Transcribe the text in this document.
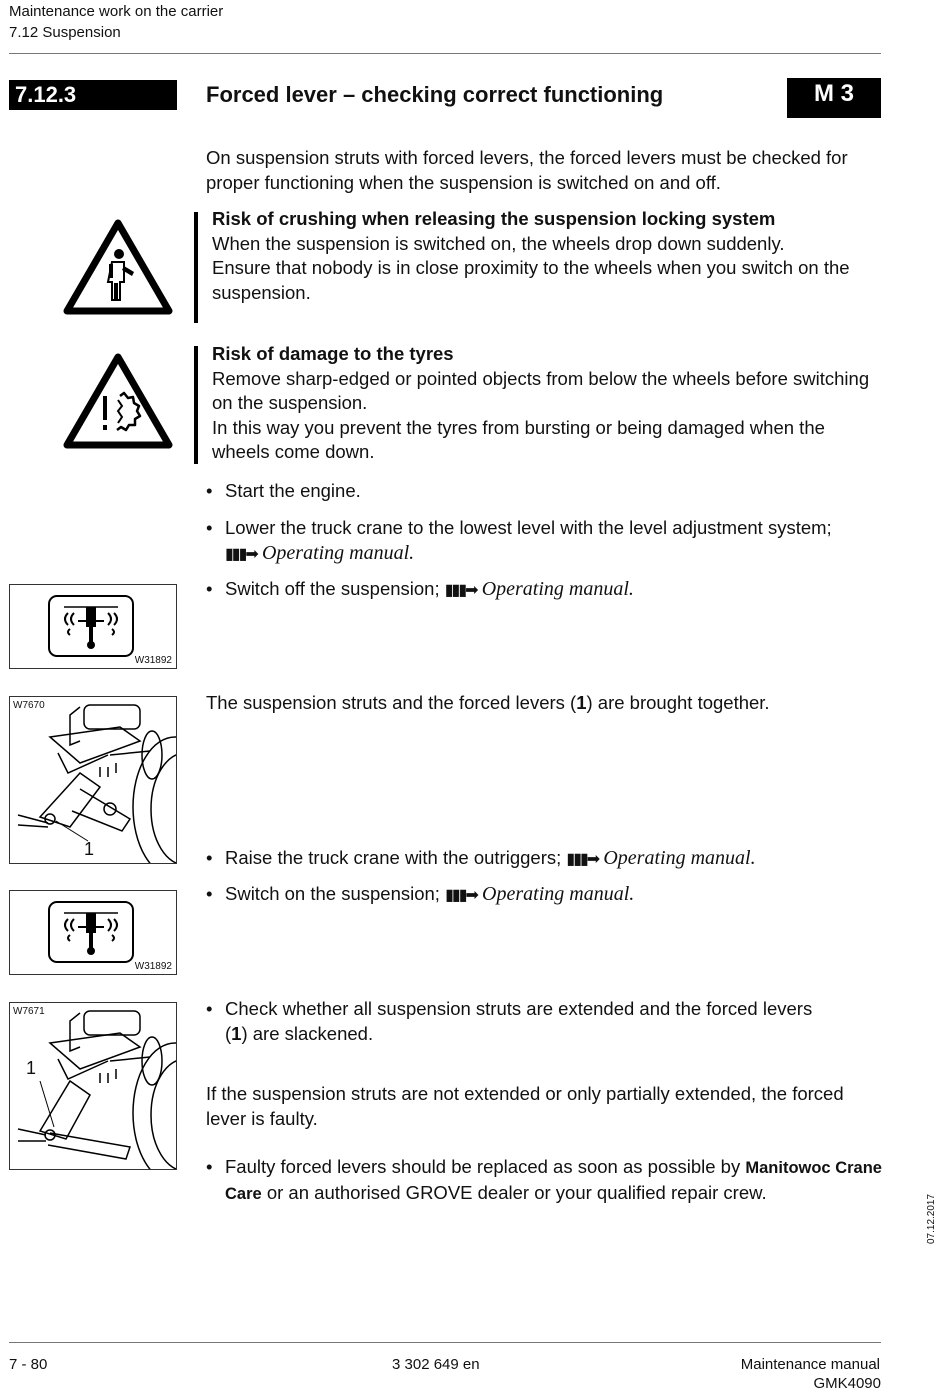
Maintenance work on the carrier
7.12 Suspension
7.12.3	Forced lever – checking correct functioning	M 3
On suspension struts with forced levers, the forced levers must be checked for proper functioning when the suspension is switched on and off.
Risk of crushing when releasing the suspension locking system
When the suspension is switched on, the wheels drop down suddenly.
Ensure that nobody is in close proximity to the wheels when you switch on the suspension.
Risk of damage to the tyres
Remove sharp-edged or pointed objects from below the wheels before switching on the suspension.
In this way you prevent the tyres from bursting or being damaged when the wheels come down.
• Start the engine.
• Lower the truck crane to the lowest level with the level adjustment system; ▮▮▮➡ Operating manual.
• Switch off the suspension; ▮▮▮➡ Operating manual.
W31892
W7670
1
The suspension struts and the forced levers (1) are brought together.
• Raise the truck crane with the outriggers; ▮▮▮➡ Operating manual.
• Switch on the suspension; ▮▮▮➡ Operating manual.
W31892
W7671
1
• Check whether all suspension struts are extended and the forced levers (1) are slackened.
If the suspension struts are not extended or only partially extended, the forced lever is faulty.
• Faulty forced levers should be replaced as soon as possible by Manitowoc Crane Care or an authorised GROVE dealer or your qualified repair crew.
07.12.2017
7 - 80	3 302 649 en	Maintenance manual
GMK4090
